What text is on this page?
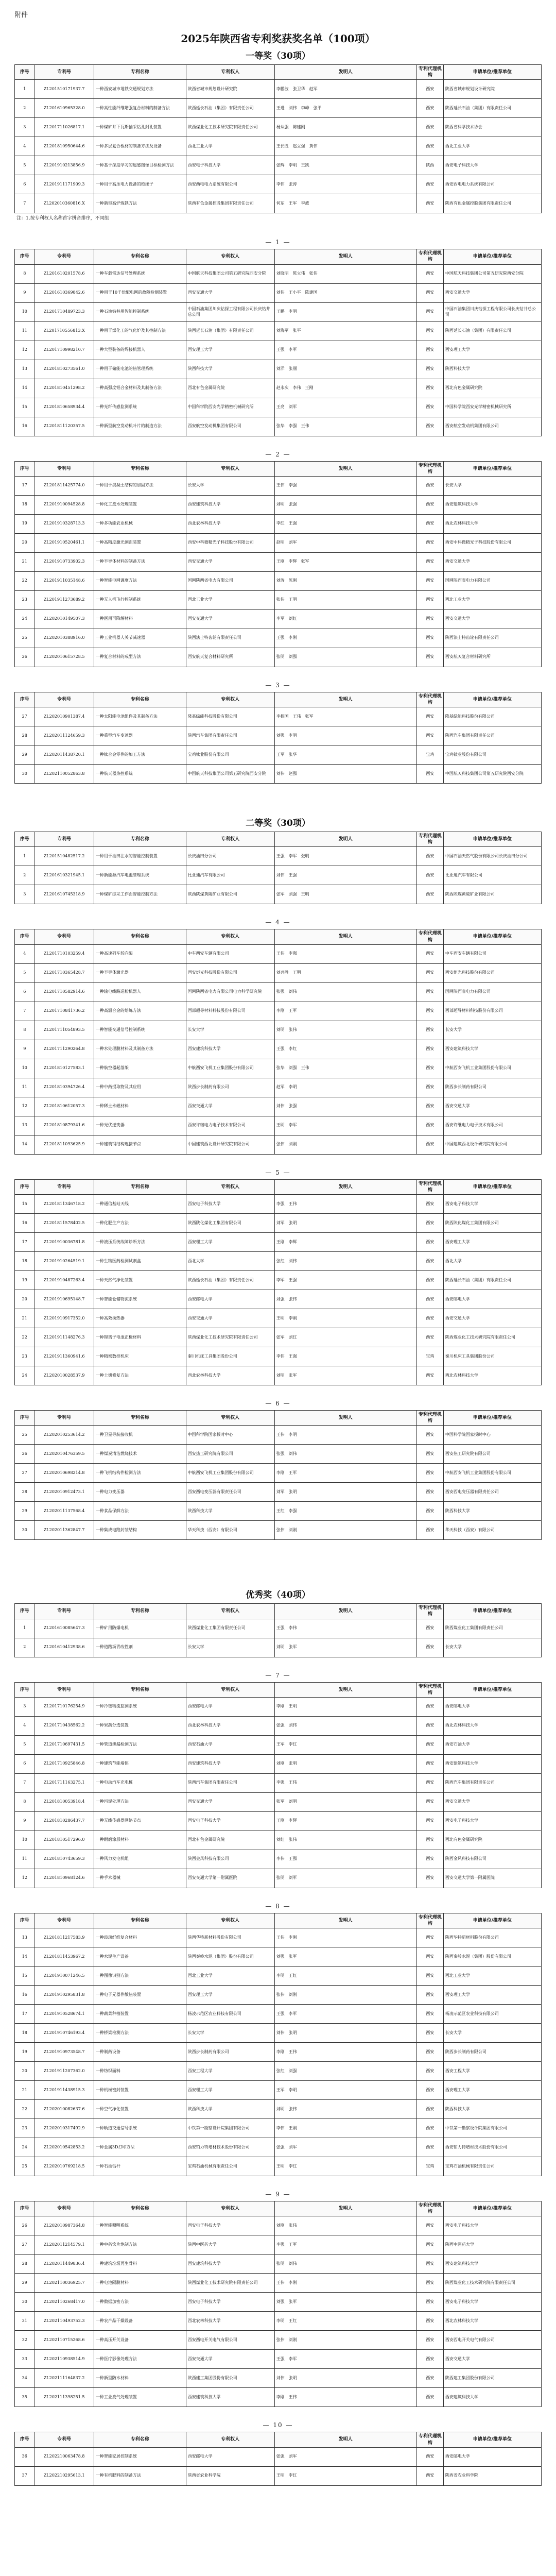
附件
2025年陕西省专利奖获奖名单（100项）
一等奖（30项）
序号	专利号	专利名称	专利权人	发明人	专利代理机构	申请单位/推荐单位
1	ZL201510171937.7	一种西安城市地铁交通规划方法	陕西省城市规划设计研究院	李鹏波　张卫华　赵军	西安	陕西省城市规划设计研究院
2	ZL201610965328.0	一种高性能纤维增强复合材料的制备方法	陕西延长石油（集团）有限责任公司	王进　刘伟　李峰　张平	西安	陕西延长石油（集团）有限责任公司
3	ZL201711026817.1	一种煤矿井下瓦斯抽采钻孔封孔装置	陕西煤业化工技术研究院有限责任公司	杨从强　陈建刚	西安	陕西省科学技术协会
4	ZL201810950644.6	一种多层复合板材的制备方法及设备	西北工业大学	王长胜　赵立强　黄伟	西安	西北工业大学
5	ZL201910213856.9	一种基于深度学习的遥感图像目标检测方法	西安电子科技大学	张辉　李明　王凯	陕西	西安电子科技大学
6	ZL201911171909.3	一种用于高压电力设备的绝缘子	西安西电电力系统有限公司	李伟　张涛	西安	西安西电电力系统有限公司
7	ZL202010360816.X	一种新型高炉炼铁方法	陕西有色金属控股集团有限责任公司	何东　王军　李波	西安	陕西有色金属控股集团有限责任公司
注：1.按专利权人名称首字拼音排序，不同组
— 1 —
序号	专利号	专利名称	专利权人	发明人	专利代理机构	申请单位/推荐单位
8	ZL201610201578.6	一种车载雷达信号处理系统	中国航天科技集团公司第五研究院西安分院	刘晓明　陈立伟　张伟	西安	中国航天科技集团公司第五研究院西安分院
9	ZL201610369842.6	一种用于10千伏配电网的故障检测装置	西安交通大学	刘伟　王小平　陈建国	西安	西安交通大学
10	ZL201710489723.3	一种石油钻井用智能控制系统	中国石油集团川庆钻探工程有限公司长庆钻井总公司	王鹏　李明	西安	中国石油集团川庆钻探工程有限公司长庆钻井总公司
11	ZL201710556813.X	一种用于煤化工的气化炉及其控制方法	陕西延长石油（集团）有限责任公司	刘海军　张平	西安	陕西延长石油（集团）有限责任公司
12	ZL201710998210.7	一种大型装备的焊接机器人	西安理工大学	王强　李军	西安	西安理工大学
13	ZL201810273561.0	一种用于储能电池的热管理系统	陕西科技大学	刘洋　张丽	西安	陕西科技大学
14	ZL201810451298.2	一种高强度铝合金材料及其制备方法	西北有色金属研究院	赵永庆　李伟　王刚	西安	西北有色金属研究院
15	ZL201810658934.4	一种光纤传感监测系统	中国科学院西安光学精密机械研究所	王亮　刘军	西安	中国科学院西安光学精密机械研究所
16	ZL201811120357.5	一种新型航空发动机叶片的制造方法	西安航空发动机集团有限公司	张华　李强　王伟	西安	西安航空发动机集团有限公司
— 2 —
序号	专利号	专利名称	专利权人	发明人	专利代理机构	申请单位/推荐单位
17	ZL201811425774.0	一种用于混凝土结构的加固方法	长安大学	王伟　李强	西安	长安大学
18	ZL201910094528.8	一种化工废水处理装置	西安建筑科技大学	刘明　张强	西安	西安建筑科技大学
19	ZL201910328713.3	一种多功能农业机械	西北农林科技大学	李红　王强	西安	西北农林科技大学
20	ZL201910520461.1	一种高精度激光测距装置	西安中科微精光子科技股份有限公司	赵明　刘军	西安	西安中科微精光子科技股份有限公司
21	ZL201910733902.3	一种半导体材料的制备方法	西安交通大学	王刚　李辉　张军	西安	西安交通大学
22	ZL201911035148.6	一种智能电网调度方法	国网陕西省电力有限公司	刘涛　陈刚	西安	国网陕西省电力有限公司
23	ZL201911273689.2	一种无人机飞行控制系统	西北工业大学	张伟　王明	西安	西北工业大学
24	ZL202010149507.3	一种医用可降解材料	西安交通大学	李军　刘红	西安	西安交通大学
25	ZL202010388916.0	一种工业机器人关节减速器	陕西法士特齿轮有限责任公司	王强　李刚	西安	陕西法士特齿轮有限责任公司
26	ZL202010615728.5	一种复合材料的成型方法	西安航天复合材料研究所	张明　刘强	西安	西安航天复合材料研究所
— 3 —
序号	专利号	专利名称	专利权人	发明人	专利代理机构	申请单位/推荐单位
27	ZL202010901387.4	一种太阳能电池组件及其制备方法	隆基绿能科技股份有限公司	李振国　王伟　张军	西安	隆基绿能科技股份有限公司
28	ZL202011124659.3	一种重型汽车变速器	陕西汽车集团有限责任公司	刘强　李明	西安	陕西汽车集团有限责任公司
29	ZL202011438720.1	一种钛合金零件的加工方法	宝鸡钛业股份有限公司	王军　张华	宝鸡	宝鸡钛业股份有限公司
30	ZL202110052863.8	一种航天器热控系统	中国航天科技集团公司第五研究院西安分院	刘伟　赵强	西安	中国航天科技集团公司第五研究院西安分院
二等奖（30项）
序号	专利号	专利名称	专利权人	发明人	专利代理机构	申请单位/推荐单位
1	ZL201510482517.2	一种用于油田注水的智能控制装置	长庆油田分公司	王强　李军　张明	西安	中国石油天然气股份有限公司长庆油田分公司
2	ZL201610321945.1	一种新能源汽车电池管理系统	比亚迪汽车有限公司	刘伟　王强	西安	比亚迪汽车有限公司
3	ZL201610745318.9	一种煤矿综采工作面智能控制方法	陕西陕煤黄陵矿业有限公司	张军　刘强　王明	西安	陕西陕煤黄陵矿业有限公司
— 4 —
序号	专利号	专利名称	专利权人	发明人	专利代理机构	申请单位/推荐单位
4	ZL201710103259.4	一种高速列车转向架	中车西安车辆有限公司	王伟　李强	西安	中车西安车辆有限公司
5	ZL201710365428.7	一种半导体激光器	西安炬光科技股份有限公司	刘兴胜　王明	西安	西安炬光科技股份有限公司
6	ZL201710582914.6	一种输电线路巡检机器人	国网陕西省电力有限公司电力科学研究院	张强　刘伟	西安	国网陕西省电力有限公司
7	ZL201710841736.2	一种高温合金的熔炼方法	西部超导材料科技股份有限公司	李刚　王军	西安	西部超导材料科技股份有限公司
8	ZL201711054893.5	一种智能交通信号控制系统	长安大学	刘明　张伟	西安	长安大学
9	ZL201711290264.8	一种水处理膜材料及其制备方法	西安建筑科技大学	王强　李红	西安	西安建筑科技大学
10	ZL201810127583.1	一种航空器起落架	中航西安飞机工业集团股份有限公司	张华　刘强　王伟	西安	中航西安飞机工业集团股份有限公司
11	ZL201810394726.4	一种中药提取物及其应用	陕西步长制药有限公司	赵军　李明	西安	陕西步长制药有限公司
12	ZL201810612057.3	一种稀土永磁材料	西安交通大学	刘伟　张强	西安	西安交通大学
13	ZL201810879341.6	一种光伏逆变器	西安许继电力电子技术有限公司	王明　李军	西安	西安许继电力电子技术有限公司
14	ZL201811093625.9	一种建筑钢结构连接节点	中国建筑西北设计研究院有限公司	张伟　刘刚	西安	中国建筑西北设计研究院有限公司
— 5 —
序号	专利号	专利名称	专利权人	发明人	专利代理机构	申请单位/推荐单位
15	ZL201811346718.2	一种通信基站天线	西安电子科技大学	李强　王伟	西安	西安电子科技大学
16	ZL201811578402.5	一种化肥生产方法	陕西陕化煤化工集团有限公司	刘军　张明	西安	陕西陕化煤化工集团有限公司
17	ZL201910036781.8	一种液压系统故障诊断方法	西安理工大学	王刚　李辉	西安	西安理工大学
18	ZL201910264519.1	一种生物医药检测试剂盒	西北大学	张红　刘伟	西安	西北大学
19	ZL201910487263.4	一种天然气净化装置	陕西延长石油（集团）有限责任公司	李军　王强	西安	陕西延长石油（集团）有限责任公司
20	ZL201910695148.7	一种智能仓储物流系统	西安邮电大学	刘强　张伟	西安	西安邮电大学
21	ZL201910917352.0	一种高效换热器	西安交通大学	王明　李刚	西安	西安交通大学
22	ZL201911148276.3	一种锂离子电池正极材料	陕西煤业化工技术研究院有限责任公司	张军　刘红	西安	陕西煤业化工技术研究院有限责任公司
23	ZL201911360941.6	一种精密数控机床	秦川机床工具集团股份公司	李伟　王强	宝鸡	秦川机床工具集团股份公司
24	ZL202010028537.9	一种土壤修复方法	西北农林科技大学	刘明　张军	西安	西北农林科技大学
— 6 —
序号	专利号	专利名称	专利权人	发明人	专利代理机构	申请单位/推荐单位
25	ZL202010253614.2	一种卫星导航接收机	中国科学院国家授时中心	王伟　李明	西安	中国科学院国家授时中心
26	ZL202010476359.5	一种煤炭清洁燃烧技术	西安热工研究院有限公司	张强　刘伟	西安	西安热工研究院有限公司
27	ZL202010698214.8	一种飞机结构件检测方法	中航西安飞机工业集团股份有限公司	李刚　王军	西安	中航西安飞机工业集团股份有限公司
28	ZL202010912473.1	一种电力变压器	西安西电变压器有限责任公司	刘军　张明	西安	西安西电变压器有限责任公司
29	ZL202011137568.4	一种食品保鲜方法	陕西科技大学	王红　李强	西安	陕西科技大学
30	ZL202011362847.7	一种集成电路封装结构	华天科技（西安）有限公司	张伟　刘刚	西安	华天科技（西安）有限公司
优秀奖（40项）
序号	专利号	专利名称	专利权人	发明人	专利代理机构	申请单位/推荐单位
1	ZL201610085647.3	一种矿用防爆电机	陕西煤业化工集团有限责任公司	王强　李伟	西安	陕西煤业化工集团有限责任公司
2	ZL201610412938.6	一种道路沥青改性剂	长安大学	刘明　张军	西安	长安大学
— 7 —
序号	专利号	专利名称	专利权人	发明人	专利代理机构	申请单位/推荐单位
3	ZL201710176254.9	一种冷链物流监测系统	西安邮电大学	李刚　王明	西安	西安邮电大学
4	ZL201710438562.2	一种果蔬分选装置	西北农林科技大学	张强　刘伟	西安	西北农林科技大学
5	ZL201710697431.5	一种管道泄漏检测方法	西安石油大学	王军　李红	西安	西安石油大学
6	ZL201710925846.8	一种建筑节能墙体	西安建筑科技大学	刘刚　张明	西安	西安建筑科技大学
7	ZL201711163275.1	一种电动汽车充电桩	陕西汽车集团有限责任公司	李强　王伟	西安	陕西汽车集团有限责任公司
8	ZL201810053918.4	一种污泥处理方法	西安交通大学	张军　刘明	西安	西安交通大学
9	ZL201810286437.7	一种无线传感器网络节点	西安电子科技大学	王刚　李辉	西安	西安电子科技大学
10	ZL201810517296.0	一种耐磨涂层材料	西北有色金属研究院	刘红　张伟	西安	西北有色金属研究院
11	ZL201810743659.3	一种风力发电机组	陕西金风科技有限公司	李伟　王强	西安	陕西金风科技有限公司
12	ZL201810968124.6	一种手术器械	西安交通大学第一附属医院	张明　刘军	西安	西安交通大学第一附属医院
— 8 —
序号	专利号	专利名称	专利权人	发明人	专利代理机构	申请单位/推荐单位
13	ZL201811217583.9	一种玻璃纤维复合材料	陕西华特新材料股份有限公司	王伟　李刚	西安	陕西华特新材料股份有限公司
14	ZL201811453967.2	一种水泥生产设备	陕西秦岭水泥（集团）股份有限公司	刘强　张军	西安	陕西秦岭水泥（集团）股份有限公司
15	ZL201910071246.5	一种图像识别方法	西北工业大学	李明　王红	西安	西北工业大学
16	ZL201910295831.8	一种电子元器件散热装置	西安理工大学	张伟　刘刚	西安	西安理工大学
17	ZL201910528674.1	一种蔬菜种植装置	杨凌示范区农业科技有限公司	王强　李军	西安	杨凌示范区农业科技有限公司
18	ZL201910746193.4	一种桥梁检测方法	长安大学	刘伟　张明	西安	长安大学
19	ZL201910973548.7	一种制药设备	陕西步长制药有限公司	李刚　王伟	西安	陕西步长制药有限公司
20	ZL201911207362.0	一种纺织面料	西安工程大学	张红　刘强	西安	西安工程大学
21	ZL201911438915.3	一种机械密封装置	西安理工大学	王军　李明	西安	西安理工大学
22	ZL202010082637.6	一种空气净化装置	陕西科技大学	刘明　张伟	西安	陕西科技大学
23	ZL202010317492.9	一种轨道交通信号系统	中铁第一勘察设计院集团有限公司	李伟　王刚	西安	中铁第一勘察设计院集团有限公司
24	ZL202010542853.2	一种金属3D打印方法	西安铂力特增材技术股份有限公司	张强　刘军	西安	西安铂力特增材技术股份有限公司
25	ZL202010769218.5	一种石油钻杆	宝鸡石油机械有限责任公司	王明　李红	宝鸡	宝鸡石油机械有限责任公司
— 9 —
序号	专利号	专利名称	专利权人	发明人	专利代理机构	申请单位/推荐单位
26	ZL202010987364.8	一种智能照明系统	西安电子科技大学	刘刚　张伟	西安	西安电子科技大学
27	ZL202011214579.1	一种中药饮片炮制方法	陕西中医药大学	李强　王军	西安	陕西中医药大学
28	ZL202011449836.4	一种建筑垃圾再生骨料	西安建筑科技大学	张明　刘伟	西安	西安建筑科技大学
29	ZL202110036925.7	一种电池隔膜材料	陕西煤业化工技术研究院有限责任公司	王伟　李刚	西安	陕西煤业化工技术研究院有限责任公司
30	ZL202110268417.0	一种数据加密方法	西安电子科技大学	刘强　张军	西安	西安电子科技大学
31	ZL202110493752.3	一种农产品干燥设备	西北农林科技大学	李明　王红	西安	西北农林科技大学
32	ZL202110715268.6	一种高压开关设备	西安西电开关电气有限公司	张伟　刘刚	西安	西安西电开关电气有限公司
33	ZL202110938514.9	一种医疗影像处理方法	西安交通大学	王强　李军	西安	西安交通大学
34	ZL202111164837.2	一种新型防水材料	陕西建工集团股份有限公司	刘伟　张明	西安	陕西建工集团股份有限公司
35	ZL202111398251.5	一种工业废气处理装置	西安建筑科技大学	李刚　王伟	西安	西安建筑科技大学
— 10 —
序号	专利号	专利名称	专利权人	发明人	专利代理机构	申请单位/推荐单位
36	ZL202210063478.8	一种智能家居控制系统	西安邮电大学	张强　刘军	西安	西安邮电大学
37	ZL202210295613.1	一种有机肥料的制备方法	陕西省农业科学院	王明　李红	西安	陕西省农业科学院
